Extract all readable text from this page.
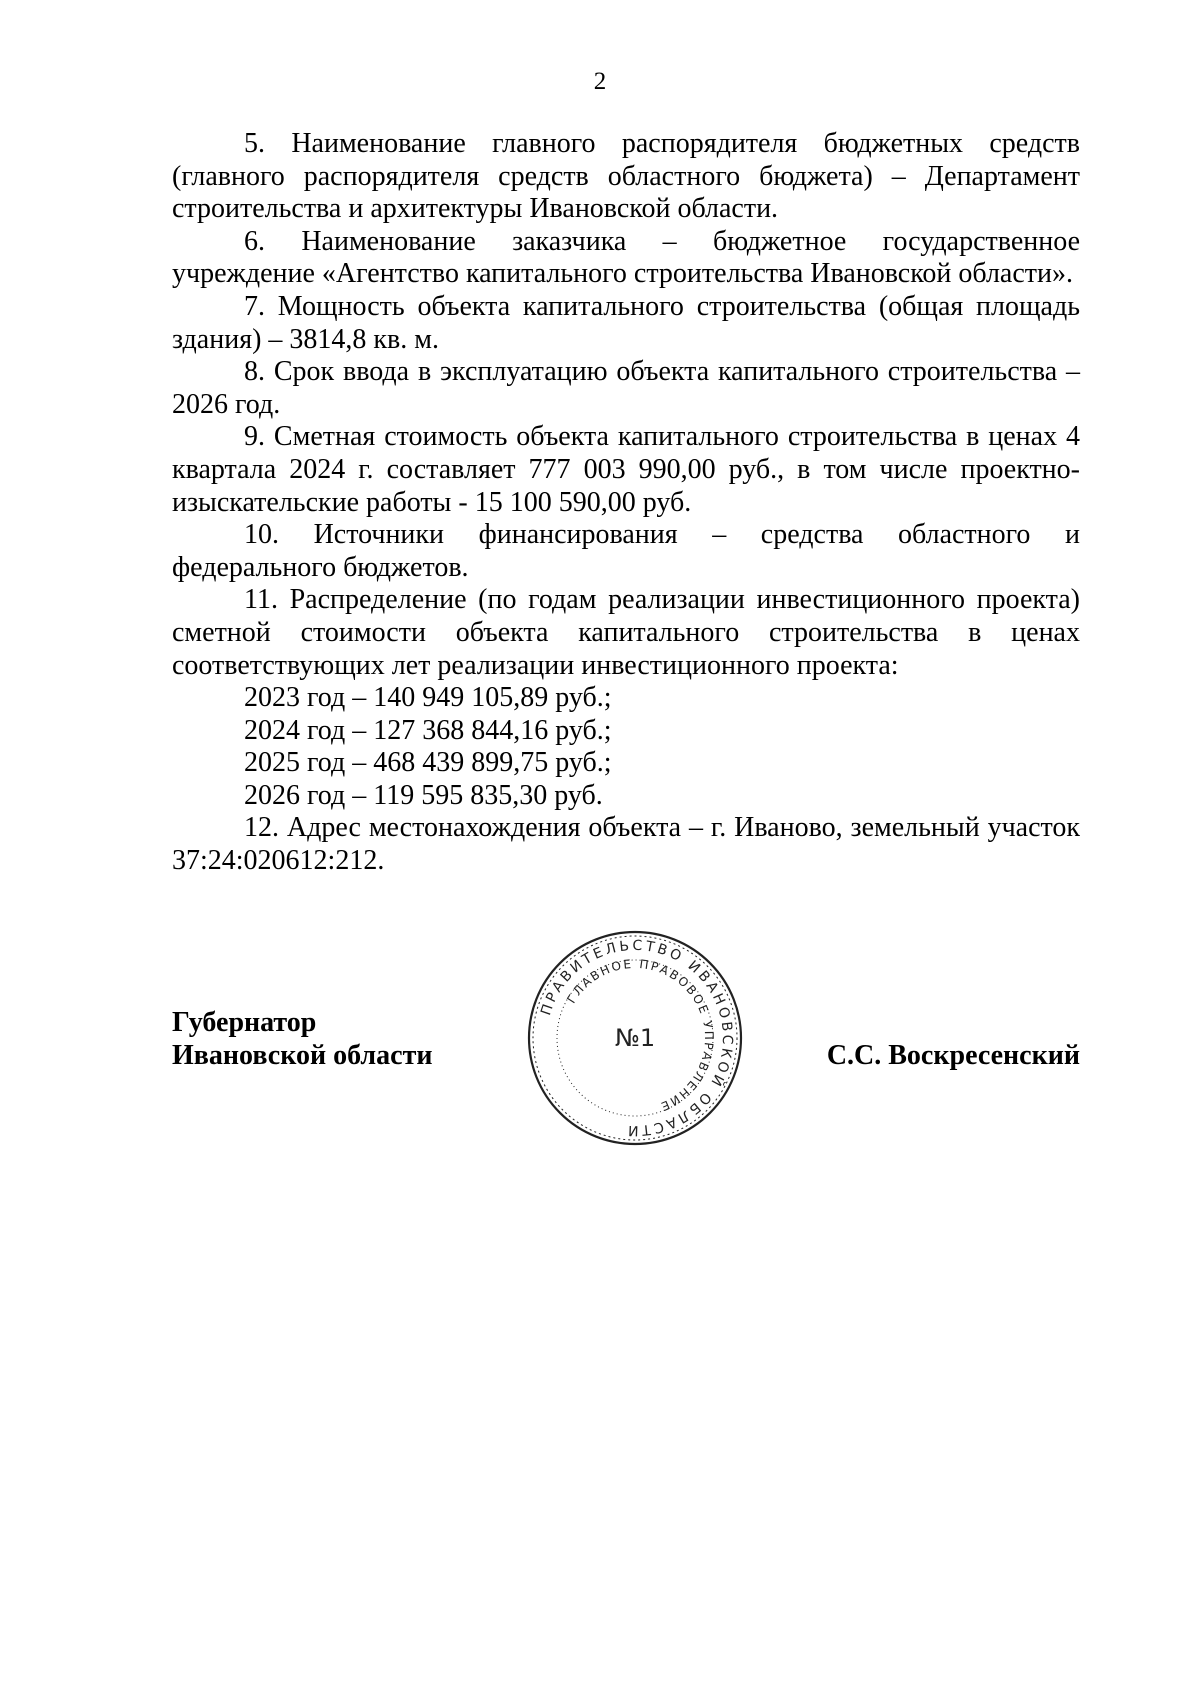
2

5. Наименование главного распорядителя бюджетных средств (главного распорядителя средств областного бюджета) – Департамент строительства и архитектуры Ивановской области.

6. Наименование заказчика – бюджетное государственное учреждение «Агентство капитального строительства Ивановской области».

7. Мощность объекта капитального строительства (общая площадь здания) – 3814,8 кв. м.

8. Срок ввода в эксплуатацию объекта капитального строительства – 2026 год.

9. Сметная стоимость объекта капитального строительства в ценах 4 квартала 2024 г. составляет 777 003 990,00 руб., в том числе проектно-изыскательские работы - 15 100 590,00 руб.

10. Источники финансирования – средства областного и федерального бюджетов.

11. Распределение (по годам реализации инвестиционного проекта) сметной стоимости объекта капитального строительства в ценах соответствующих лет реализации инвестиционного проекта:

2023 год – 140 949 105,89 руб.;

2024 год – 127 368 844,16 руб.;

2025 год – 468 439 899,75 руб.;

2026 год – 119 595 835,30 руб.

12. Адрес местонахождения объекта – г. Иваново, земельный участок 37:24:020612:212.

Губернатор
Ивановской области	С.С. Воскресенский
ПРАВИТЕЛЬСТВО ИВАНОВСКОЙ ОБЛАСТИ
ГЛАВНОЕ ПРАВОВОЕ УПРАВЛЕНИЕ
№1
